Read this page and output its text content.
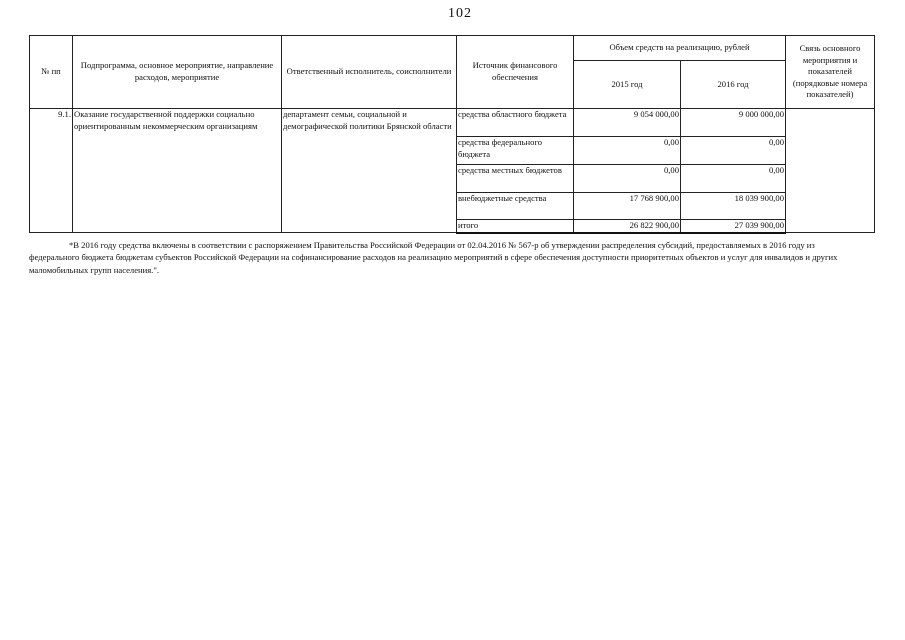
102
№ пп	Подпрограмма, основное мероприятие, направление расходов, мероприятие	Ответственный исполнитель, соисполнители	Источник финансового обеспечения	Объем средств на реализацию, рублей		Связь основного мероприятия и показателей (порядковые номера показателей)
				2015 год	2016 год	
9.1.	Оказание государственной поддержки социально ориентированным некоммерческим организациям	департамент семьи, социальной и демографической политики Брянской области	средства областного бюджета	9 054 000,00	9 000 000,00	
			средства федерального бюджета	0,00	0,00	
			средства местных бюджетов	0,00	0,00	
			внебюджетные средства	17 768 900,00	18 039 900,00	
			итого	26 822 900,00	27 039 900,00	
*В 2016 году средства включены в соответствии с распоряжением Правительства Российской Федерации от 02.04.2016 № 567-р об утверждении распределения субсидий, предоставляемых в 2016 году из федерального бюджета бюджетам субъектов Российской Федерации на софинансирование расходов на реализацию мероприятий в сфере обеспечения доступности приоритетных объектов и услуг для инвалидов и других маломобильных групп населения.".
